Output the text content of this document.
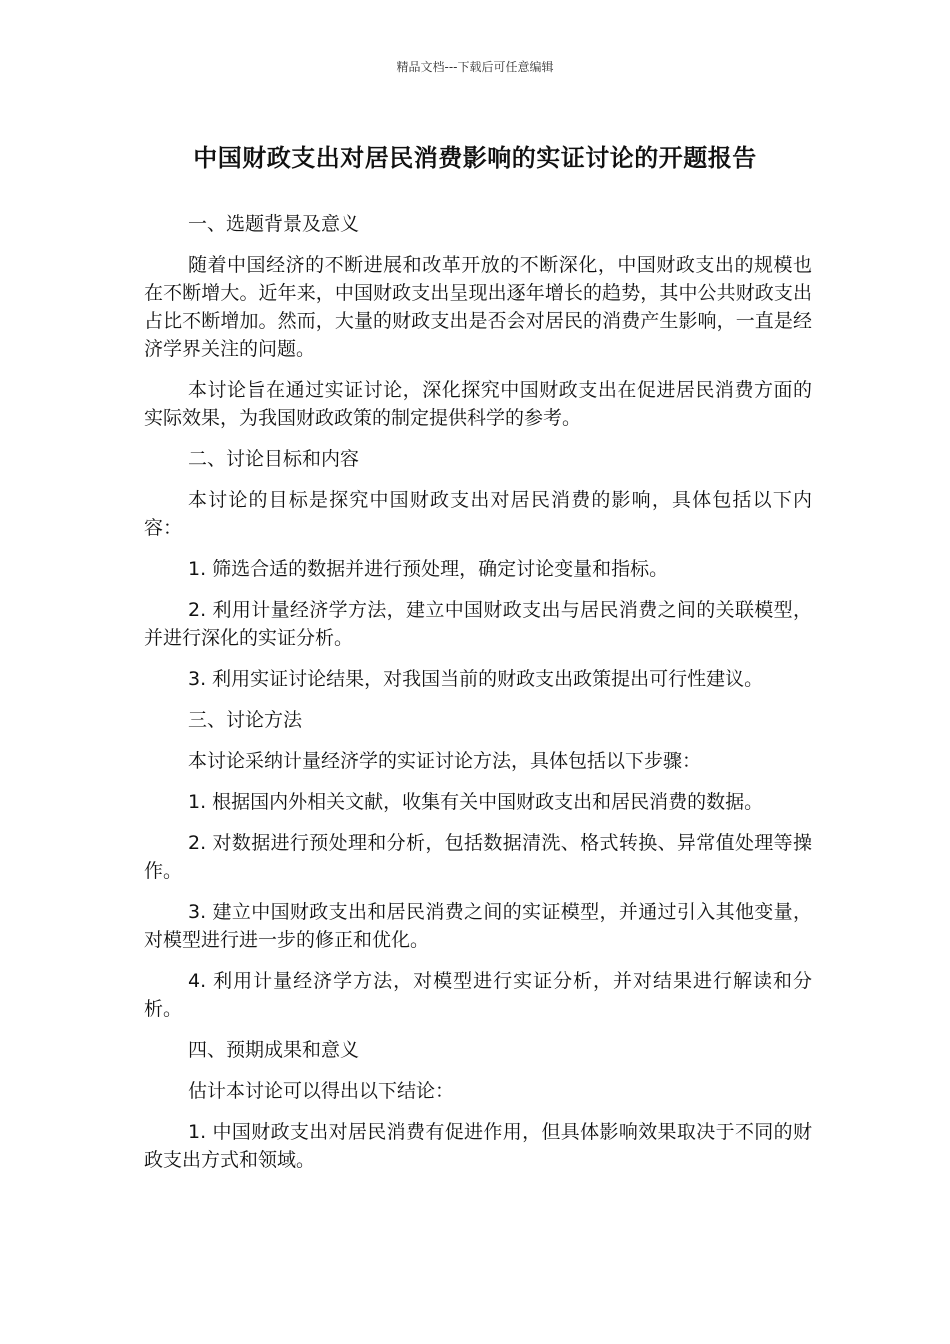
精品文档---下载后可任意编辑
中国财政支出对居民消费影响的实证讨论的开题报告

一、选题背景及意义

随着中国经济的不断进展和改革开放的不断深化，中国财政支出的规模也在不断增大。近年来，中国财政支出呈现出逐年增长的趋势，其中公共财政支出占比不断增加。然而，大量的财政支出是否会对居民的消费产生影响，一直是经济学界关注的问题。

本讨论旨在通过实证讨论，深化探究中国财政支出在促进居民消费方面的实际效果，为我国财政政策的制定提供科学的参考。

二、讨论目标和内容

本讨论的目标是探究中国财政支出对居民消费的影响，具体包括以下内容：

1. 筛选合适的数据并进行预处理，确定讨论变量和指标。

2. 利用计量经济学方法，建立中国财政支出与居民消费之间的关联模型，并进行深化的实证分析。

3. 利用实证讨论结果，对我国当前的财政支出政策提出可行性建议。

三、讨论方法

本讨论采纳计量经济学的实证讨论方法，具体包括以下步骤：

1. 根据国内外相关文献，收集有关中国财政支出和居民消费的数据。

2. 对数据进行预处理和分析，包括数据清洗、格式转换、异常值处理等操作。

3. 建立中国财政支出和居民消费之间的实证模型，并通过引入其他变量，对模型进行进一步的修正和优化。

4. 利用计量经济学方法，对模型进行实证分析，并对结果进行解读和分析。

四、预期成果和意义

估计本讨论可以得出以下结论：

1. 中国财政支出对居民消费有促进作用，但具体影响效果取决于不同的财政支出方式和领域。
